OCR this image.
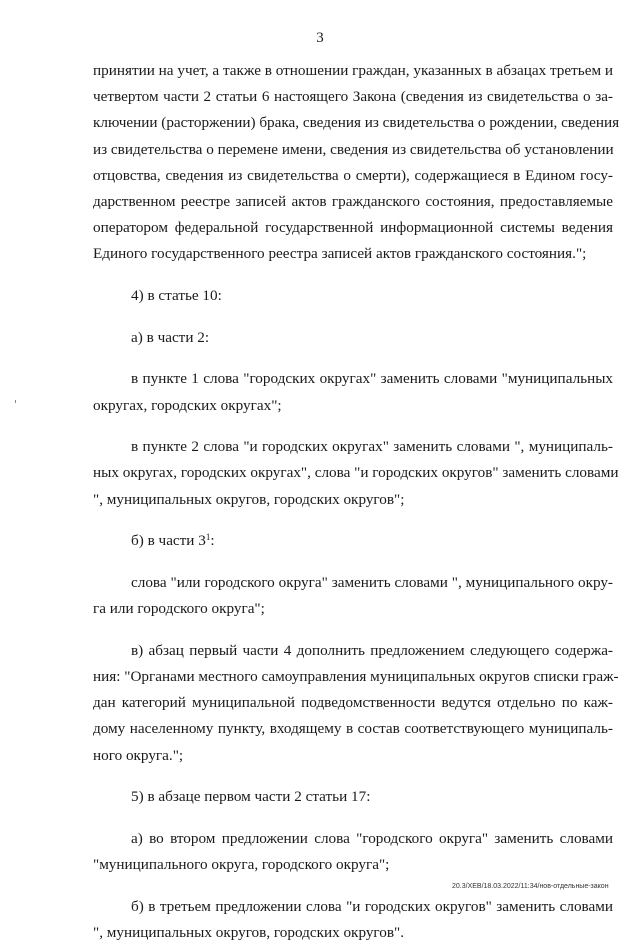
3
принятии на учет, а также в отношении граждан, указанных в абзацах третьем и
четвертом части 2 статьи 6 настоящего Закона (сведения из свидетельства о за-
ключении (расторжении) брака, сведения из свидетельства о рождении, сведения
из свидетельства о перемене имени, сведения из свидетельства об установлении
отцовства, сведения из свидетельства о смерти), содержащиеся в Едином госу-
дарственном реестре записей актов гражданского состояния, предоставляемые
оператором федеральной государственной информационной системы ведения
Единого государственного реестра записей актов гражданского состояния.";
4) в статье 10:
а) в части 2:
в пункте 1 слова "городских округах" заменить словами "муниципальных
округах, городских округах";
в пункте 2 слова "и городских округах" заменить словами ", муниципаль-
ных округах, городских округах", слова "и городских округов" заменить словами
", муниципальных округов, городских округов";
б) в части $3^1$:
слова "или городского округа" заменить словами ", муниципального окру-
га или городского округа";
в) абзац первый части 4 дополнить предложением следующего содержа-
ния: "Органами местного самоуправления муниципальных округов списки граж-
дан категорий муниципальной подведомственности ведутся отдельно по каж-
дому населенному пункту, входящему в состав соответствующего муниципаль-
ного округа.";
5) в абзаце первом части 2 статьи 17:
а) во втором предложении слова "городского округа" заменить словами
"муниципального округа, городского округа";
б) в третьем предложении слова "и городских округов" заменить словами
", муниципальных округов, городских округов".
20.3/ХЕВ/18.03.2022/11:34/нов-отдельные-закон
